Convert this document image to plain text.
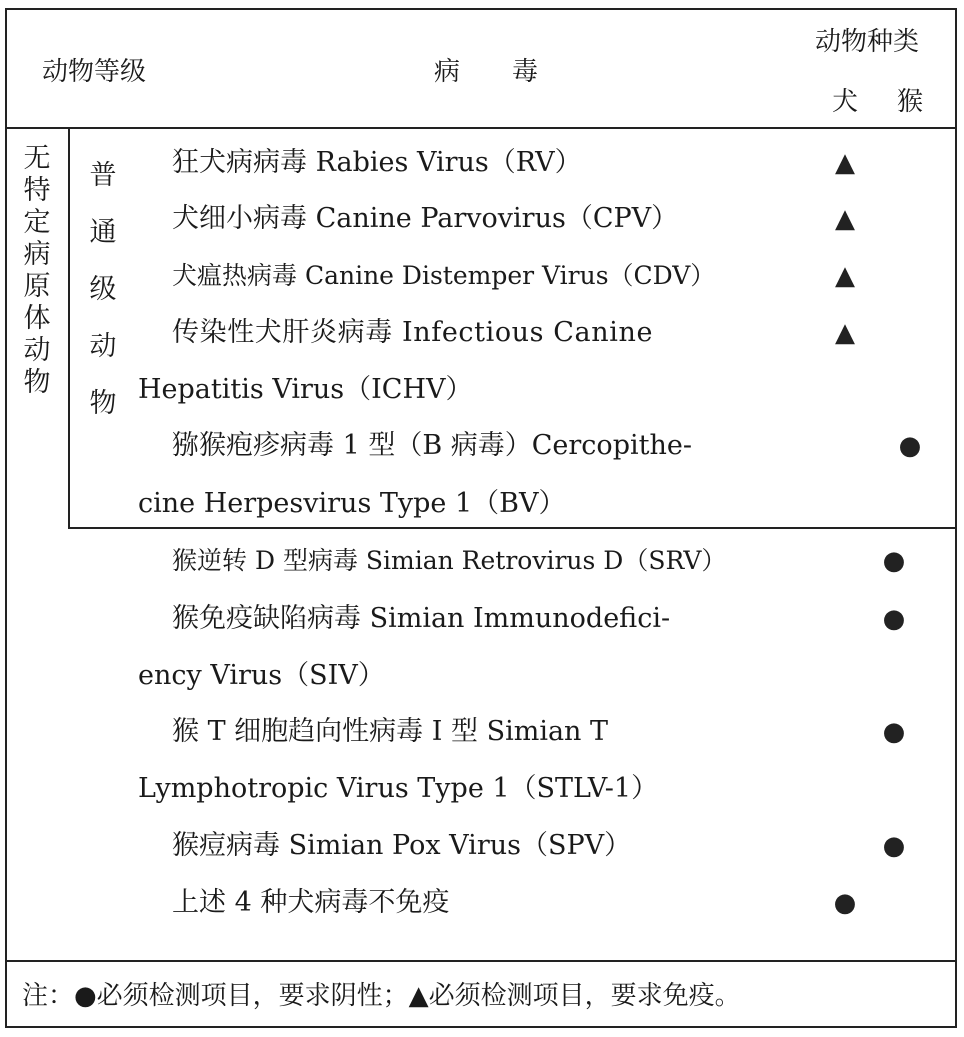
动物等级	病　　毒
动物种类
犬 猴
无特定病原体动物
普通级动物
狂犬病病毒 Rabies Virus（RV）
犬细小病毒 Canine Parvovirus（CPV）
犬瘟热病毒 Canine Distemper Virus（CDV）
传染性犬肝炎病毒 Infectious Canine
Hepatitis Virus（ICHV）
猕猴疱疹病毒 1 型（B 病毒）Cercopithe-
cine Herpesvirus Type 1（BV）
猴逆转 D 型病毒 Simian Retrovirus D（SRV）
猴免疫缺陷病毒 Simian Immunodefici-
ency Virus（SIV）
猴 T 细胞趋向性病毒 Ⅰ 型 Simian T
Lymphotropic Virus Type 1（STLV-1）
猴痘病毒 Simian Pox Virus（SPV）
上述 4 种犬病毒不免疫
▲
▲
▲
▲
●
●
●
●
●
●
注：●必须检测项目，要求阴性；▲必须检测项目，要求免疫。
